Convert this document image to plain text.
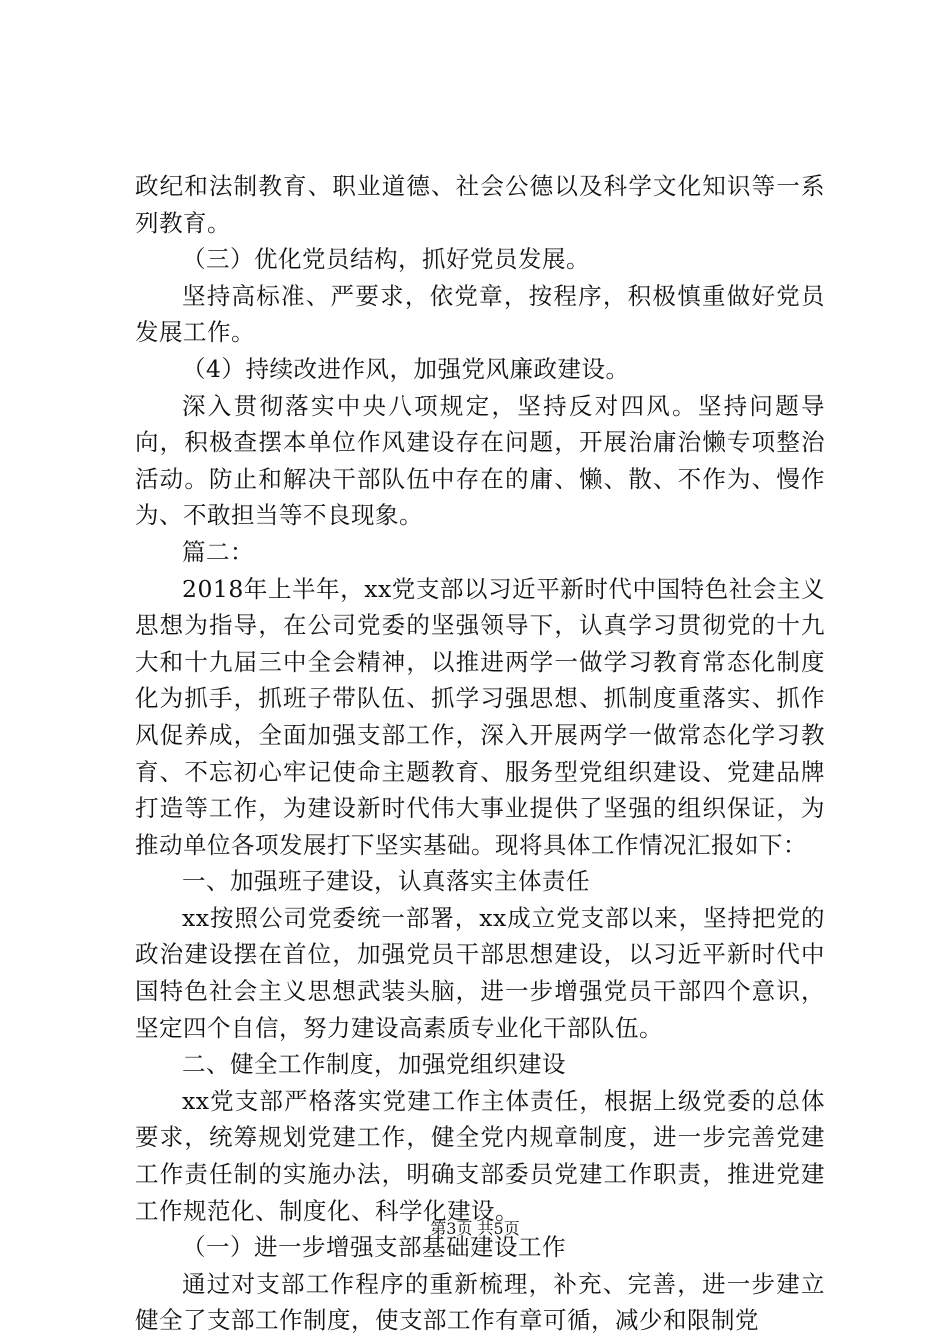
政纪和法制教育、职业道德、社会公德以及科学文化知识等一系列教育。

（三）优化党员结构，抓好党员发展。

坚持高标准、严要求，依党章，按程序，积极慎重做好党员发展工作。

（4）持续改进作风，加强党风廉政建设。

深入贯彻落实中央八项规定，坚持反对四风。坚持问题导向，积极查摆本单位作风建设存在问题，开展治庸治懒专项整治活动。防止和解决干部队伍中存在的庸、懒、散、不作为、慢作为、不敢担当等不良现象。

篇二：

2018年上半年，xx党支部以习近平新时代中国特色社会主义思想为指导，在公司党委的坚强领导下，认真学习贯彻党的十九大和十九届三中全会精神，以推进两学一做学习教育常态化制度化为抓手，抓班子带队伍、抓学习强思想、抓制度重落实、抓作风促养成，全面加强支部工作，深入开展两学一做常态化学习教育、不忘初心牢记使命主题教育、服务型党组织建设、党建品牌打造等工作，为建设新时代伟大事业提供了坚强的组织保证，为推动单位各项发展打下坚实基础。现将具体工作情况汇报如下：

一、加强班子建设，认真落实主体责任

xx按照公司党委统一部署，xx成立党支部以来，坚持把党的政治建设摆在首位，加强党员干部思想建设，以习近平新时代中国特色社会主义思想武装头脑，进一步增强党员干部四个意识，坚定四个自信，努力建设高素质专业化干部队伍。

二、健全工作制度，加强党组织建设

xx党支部严格落实党建工作主体责任，根据上级党委的总体要求，统筹规划党建工作，健全党内规章制度，进一步完善党建工作责任制的实施办法，明确支部委员党建工作职责，推进党建工作规范化、制度化、科学化建设。

（一）进一步增强支部基础建设工作

通过对支部工作程序的重新梳理，补充、完善，进一步建立健全了支部工作制度，使支部工作有章可循，减少和限制党

第3页 共5页
